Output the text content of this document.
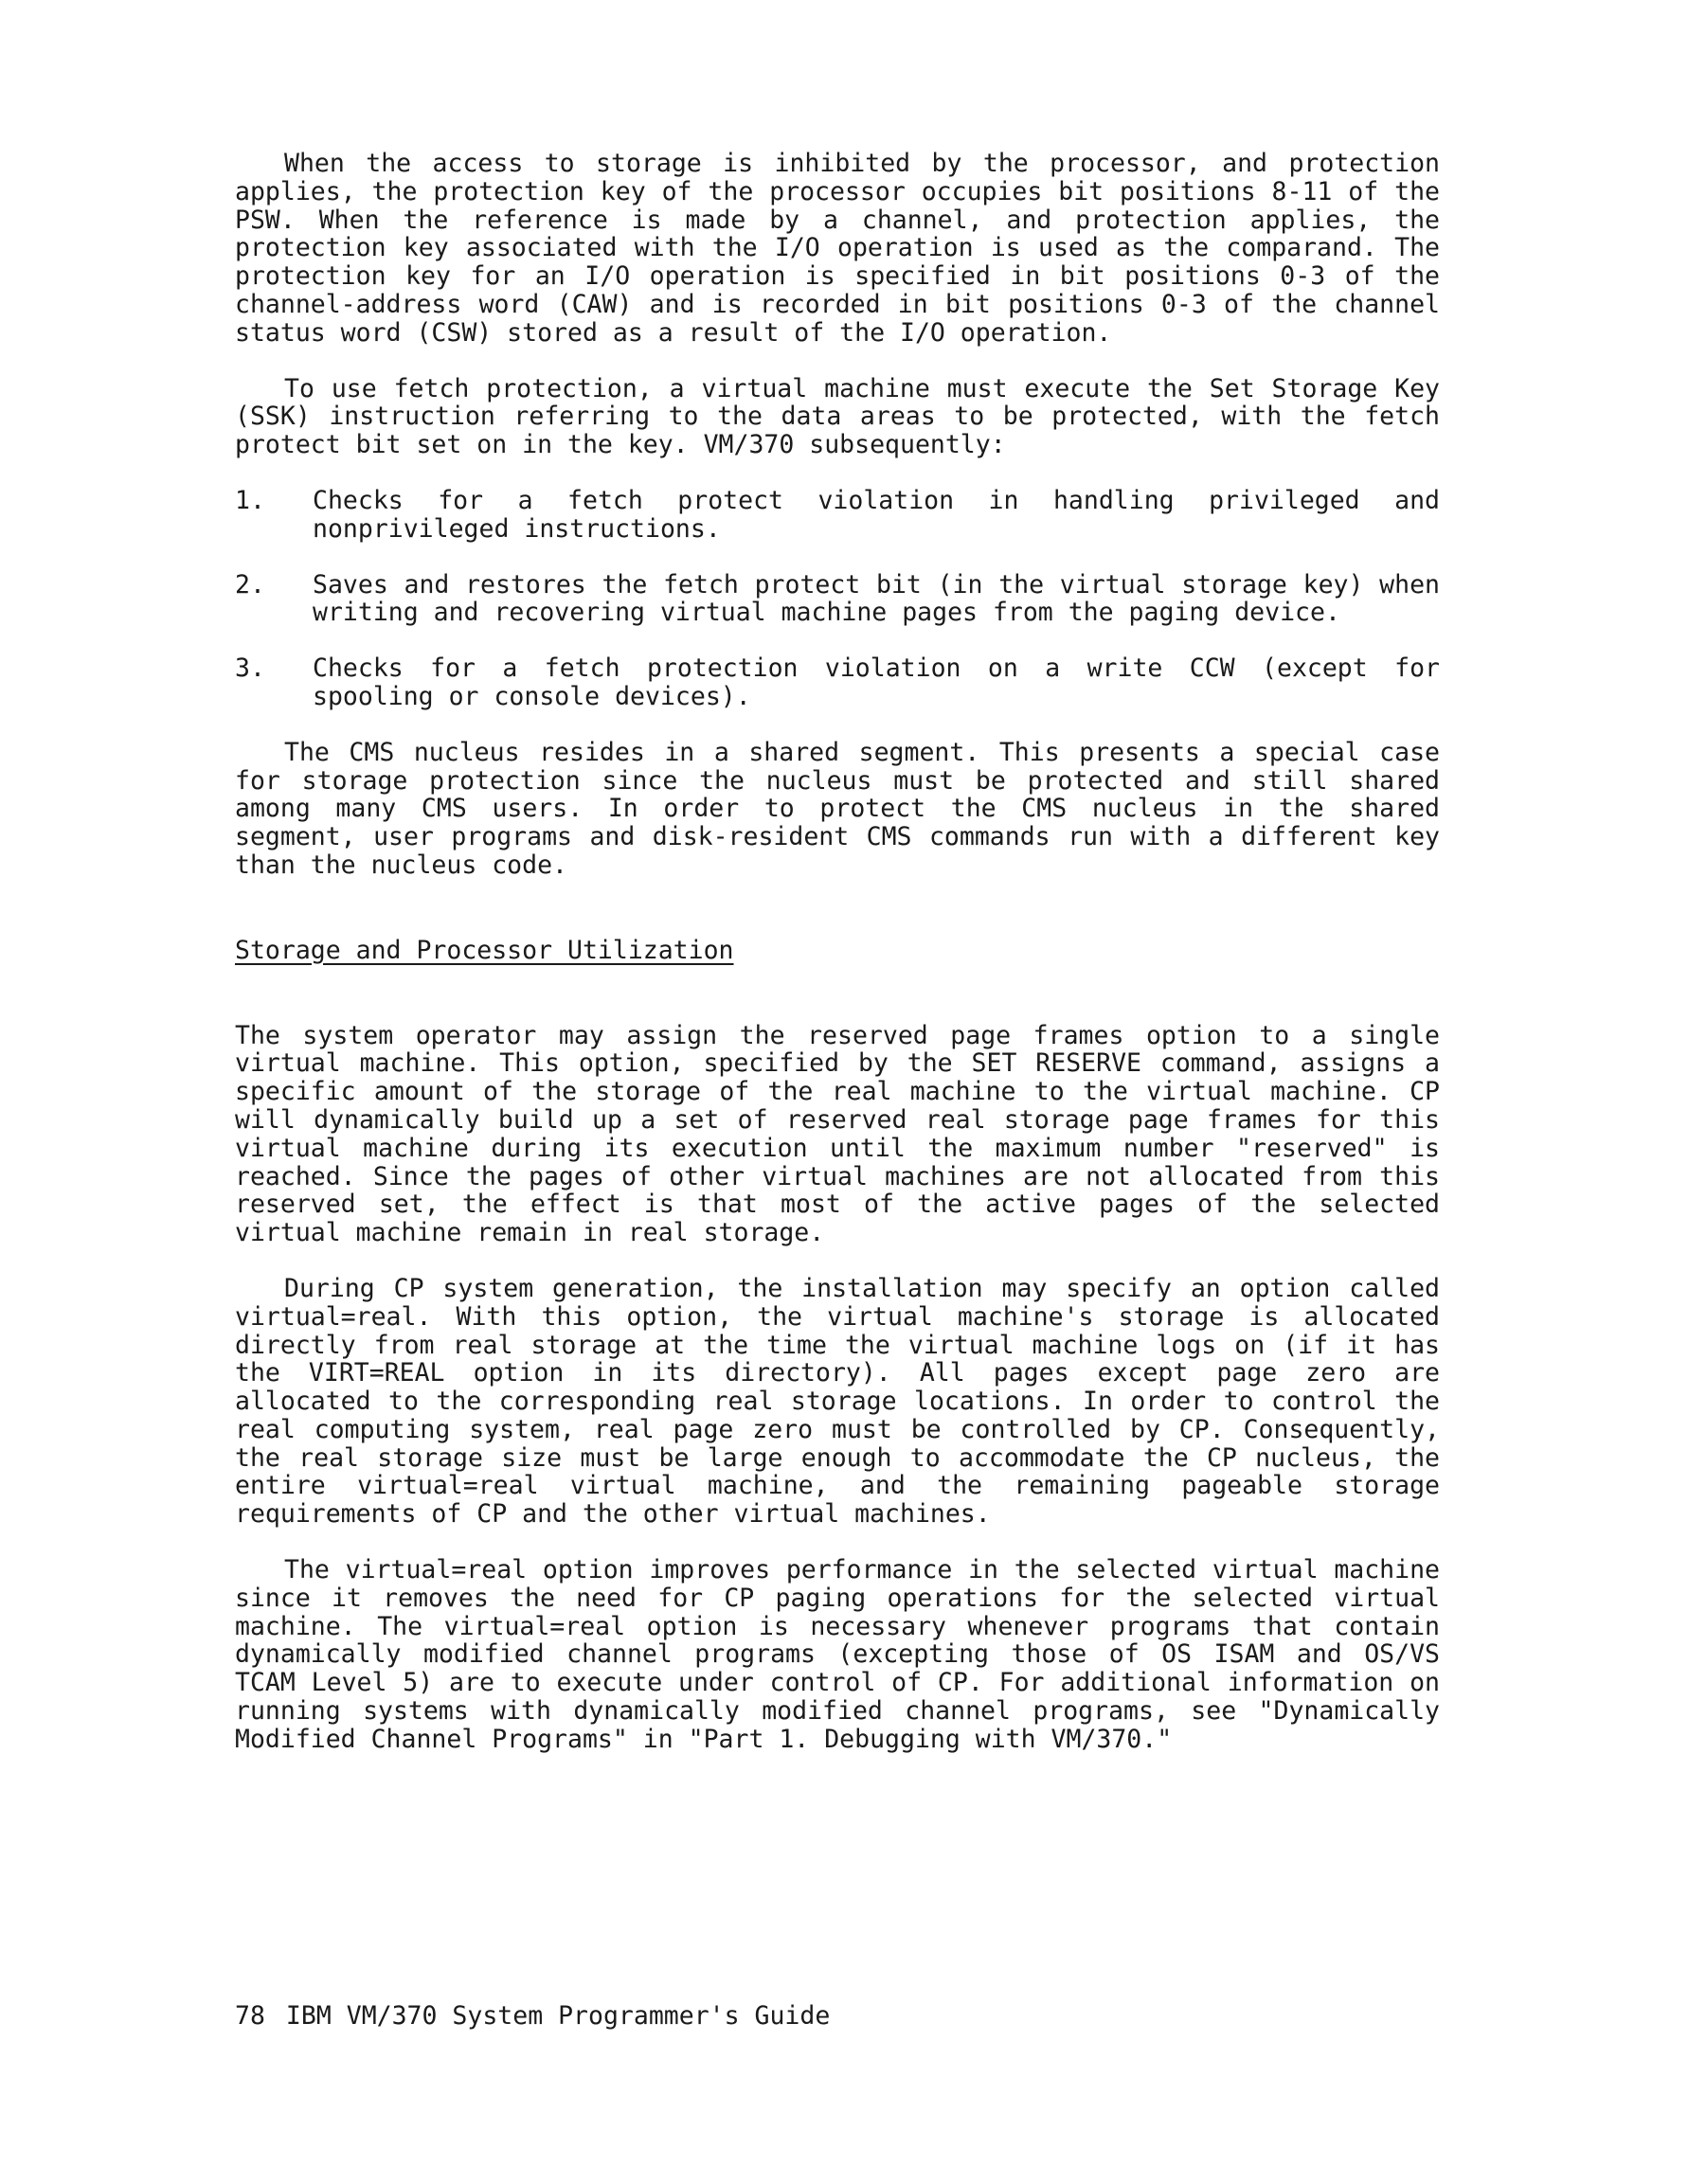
When the access to storage is inhibited by the processor, and protection applies, the protection key of the processor occupies bit positions 8-11 of the PSW. When the reference is made by a channel, and protection applies, the protection key associated with the I/O operation is used as the comparand. The protection key for an I/O operation is specified in bit positions 0-3 of the channel-address word (CAW) and is recorded in bit positions 0-3 of the channel status word (CSW) stored as a result of the I/O operation.

To use fetch protection, a virtual machine must execute the Set Storage Key (SSK) instruction referring to the data areas to be protected, with the fetch protect bit set on in the key. VM/370 subsequently:

1.	Checks for a fetch protect violation in handling privileged and nonprivileged instructions.
2.	Saves and restores the fetch protect bit (in the virtual storage key) when writing and recovering virtual machine pages from the paging device.
3.	Checks for a fetch protection violation on a write CCW (except for spooling or console devices).

The CMS nucleus resides in a shared segment. This presents a special case for storage protection since the nucleus must be protected and still shared among many CMS users. In order to protect the CMS nucleus in the shared segment, user programs and disk-resident CMS commands run with a different key than the nucleus code.

Storage and Processor Utilization

The system operator may assign the reserved page frames option to a single virtual machine. This option, specified by the SET RESERVE command, assigns a specific amount of the storage of the real machine to the virtual machine. CP will dynamically build up a set of reserved real storage page frames for this virtual machine during its execution until the maximum number "reserved" is reached. Since the pages of other virtual machines are not allocated from this reserved set, the effect is that most of the active pages of the selected virtual machine remain in real storage.

During CP system generation, the installation may specify an option called virtual=real. With this option, the virtual machine's storage is allocated directly from real storage at the time the virtual machine logs on (if it has the VIRT=REAL option in its directory). All pages except page zero are allocated to the corresponding real storage locations. In order to control the real computing system, real page zero must be controlled by CP. Consequently, the real storage size must be large enough to accommodate the CP nucleus, the entire virtual=real virtual machine, and the remaining pageable storage requirements of CP and the other virtual machines.

The virtual=real option improves performance in the selected virtual machine since it removes the need for CP paging operations for the selected virtual machine. The virtual=real option is necessary whenever programs that contain dynamically modified channel programs (excepting those of OS ISAM and OS/VS TCAM Level 5) are to execute under control of CP. For additional information on running systems with dynamically modified channel programs, see "Dynamically Modified Channel Programs" in "Part 1. Debugging with VM/370."

78 IBM VM/370 System Programmer's Guide
